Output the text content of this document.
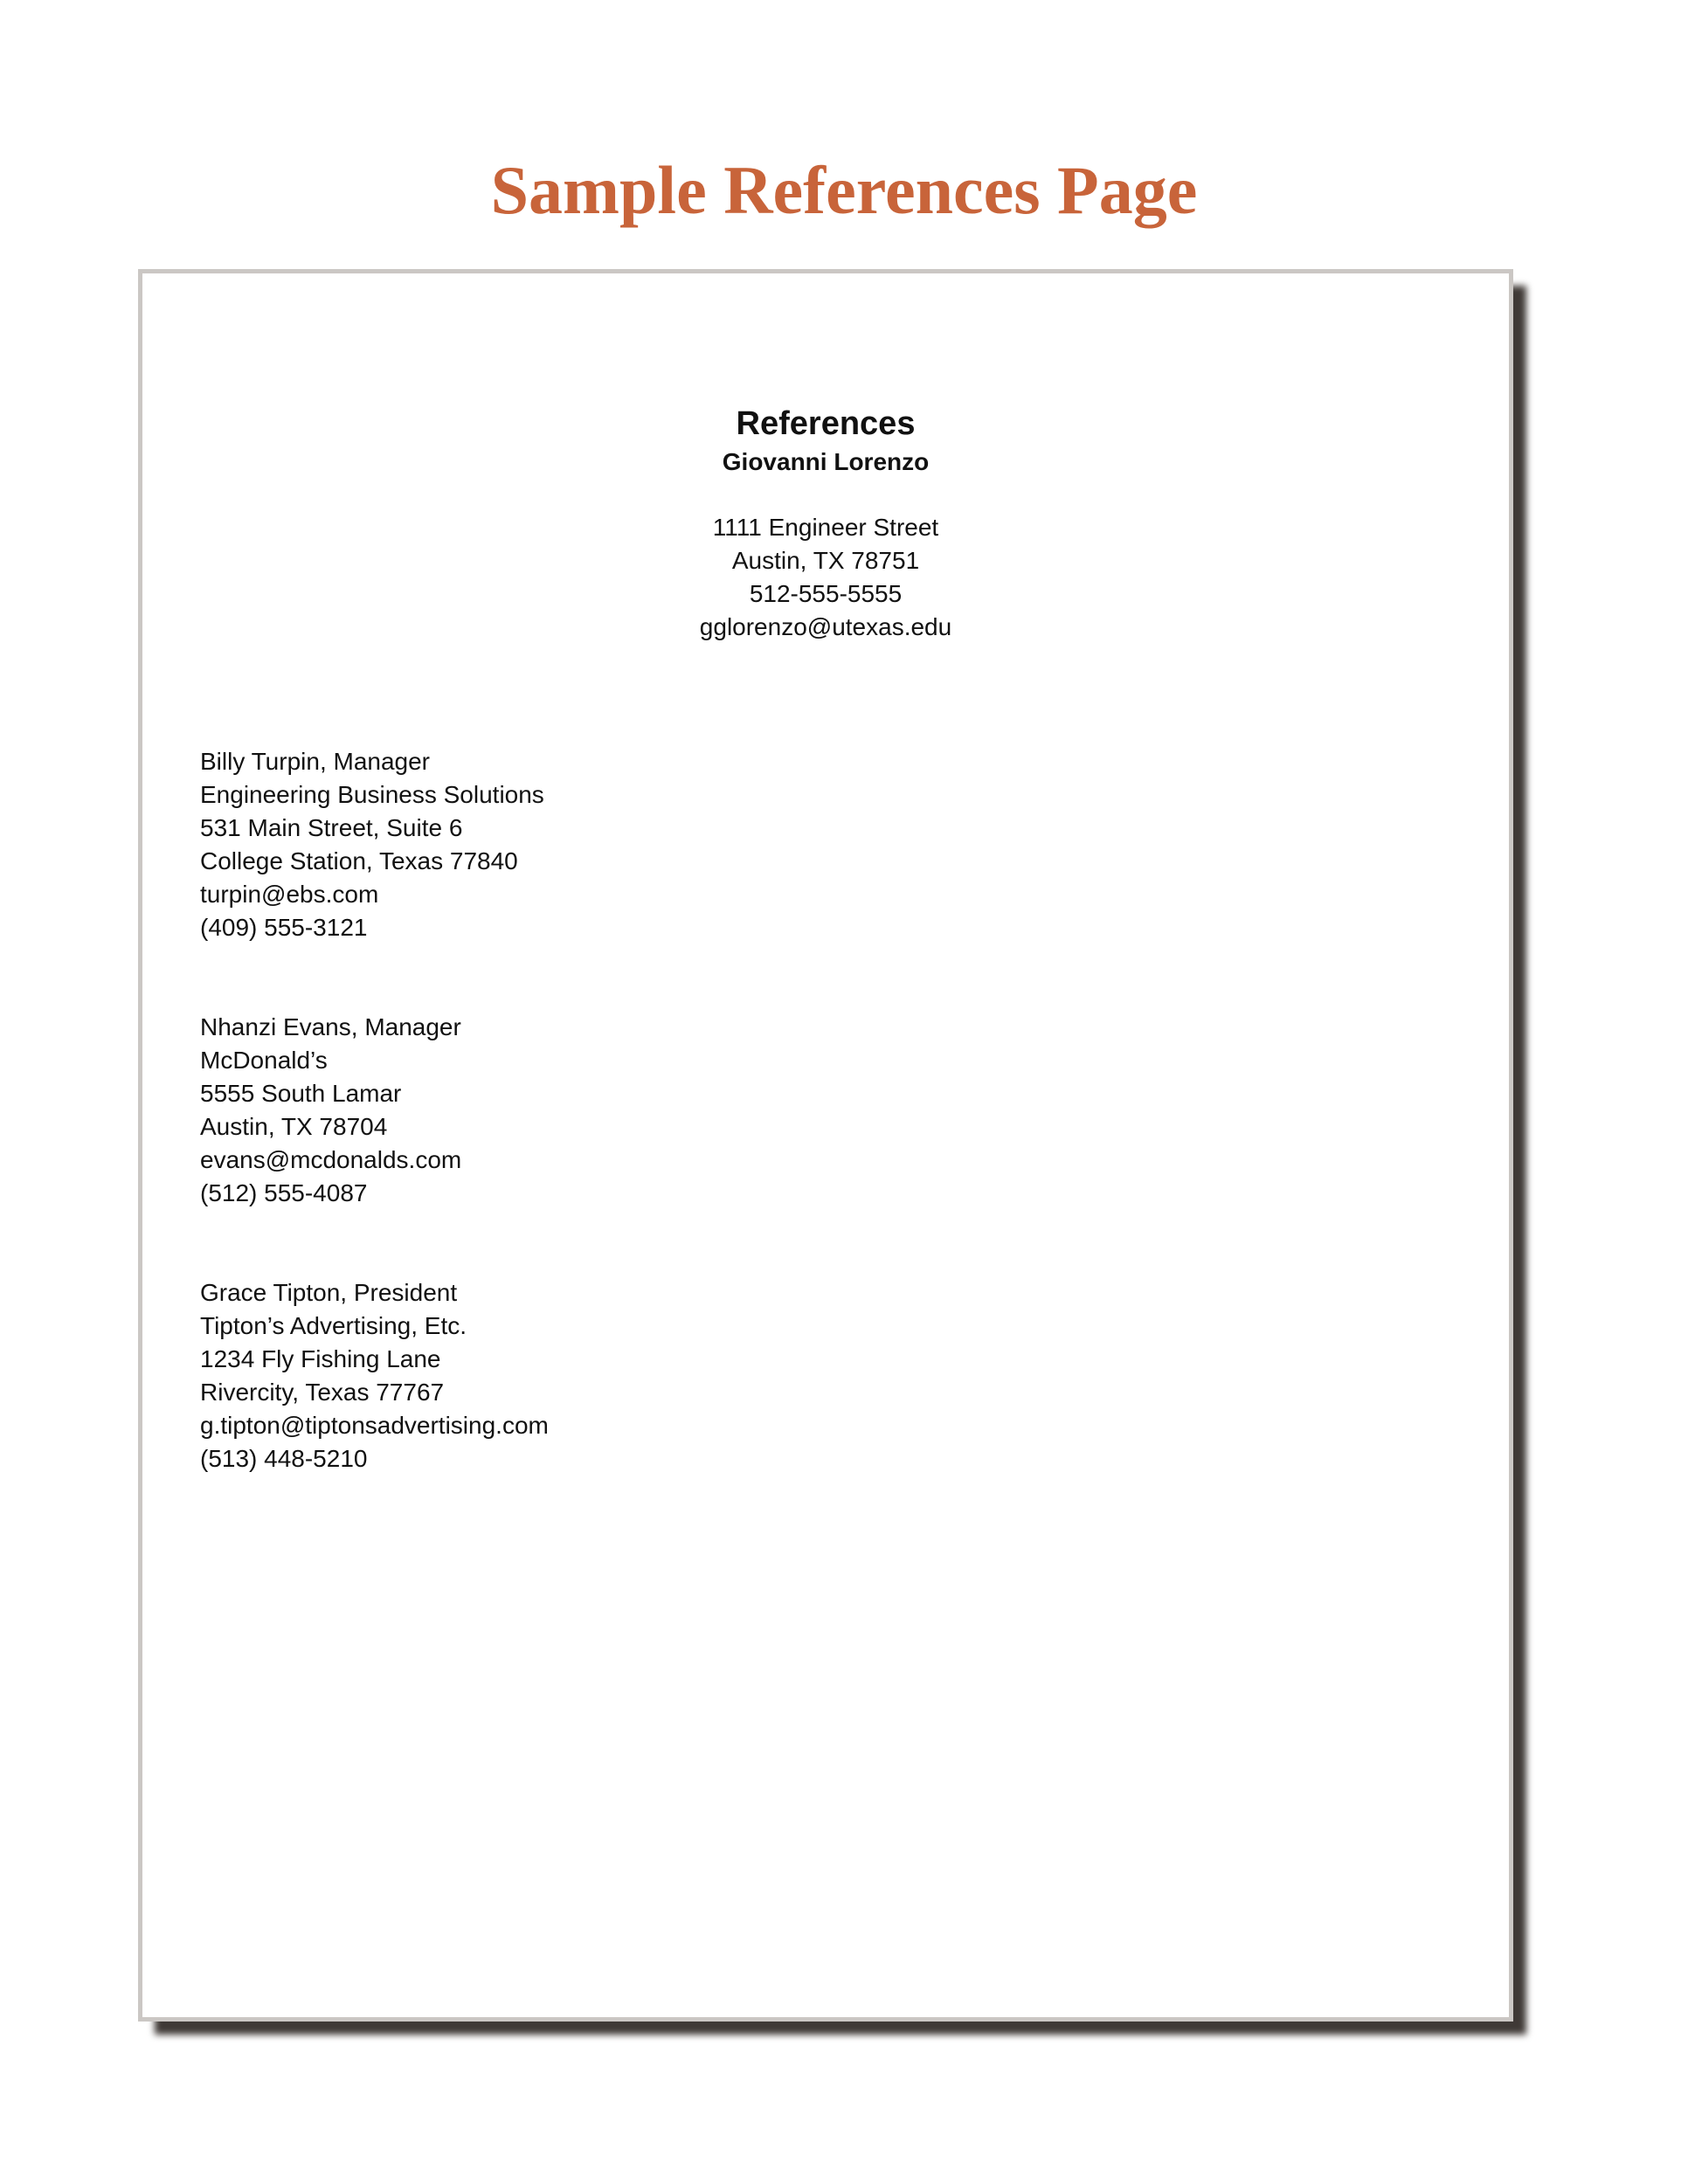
Sample References Page
References
Giovanni Lorenzo
1111 Engineer Street
Austin, TX 78751
512-555-5555
gglorenzo@utexas.edu
Billy Turpin, Manager
Engineering Business Solutions
531 Main Street, Suite 6
College Station, Texas 77840
turpin@ebs.com
(409) 555-3121
Nhanzi Evans, Manager
McDonald’s
5555 South Lamar
Austin, TX 78704
evans@mcdonalds.com
(512) 555-4087
Grace Tipton, President
Tipton’s Advertising, Etc.
1234 Fly Fishing Lane
Rivercity, Texas 77767
g.tipton@tiptonsadvertising.com
(513) 448-5210
